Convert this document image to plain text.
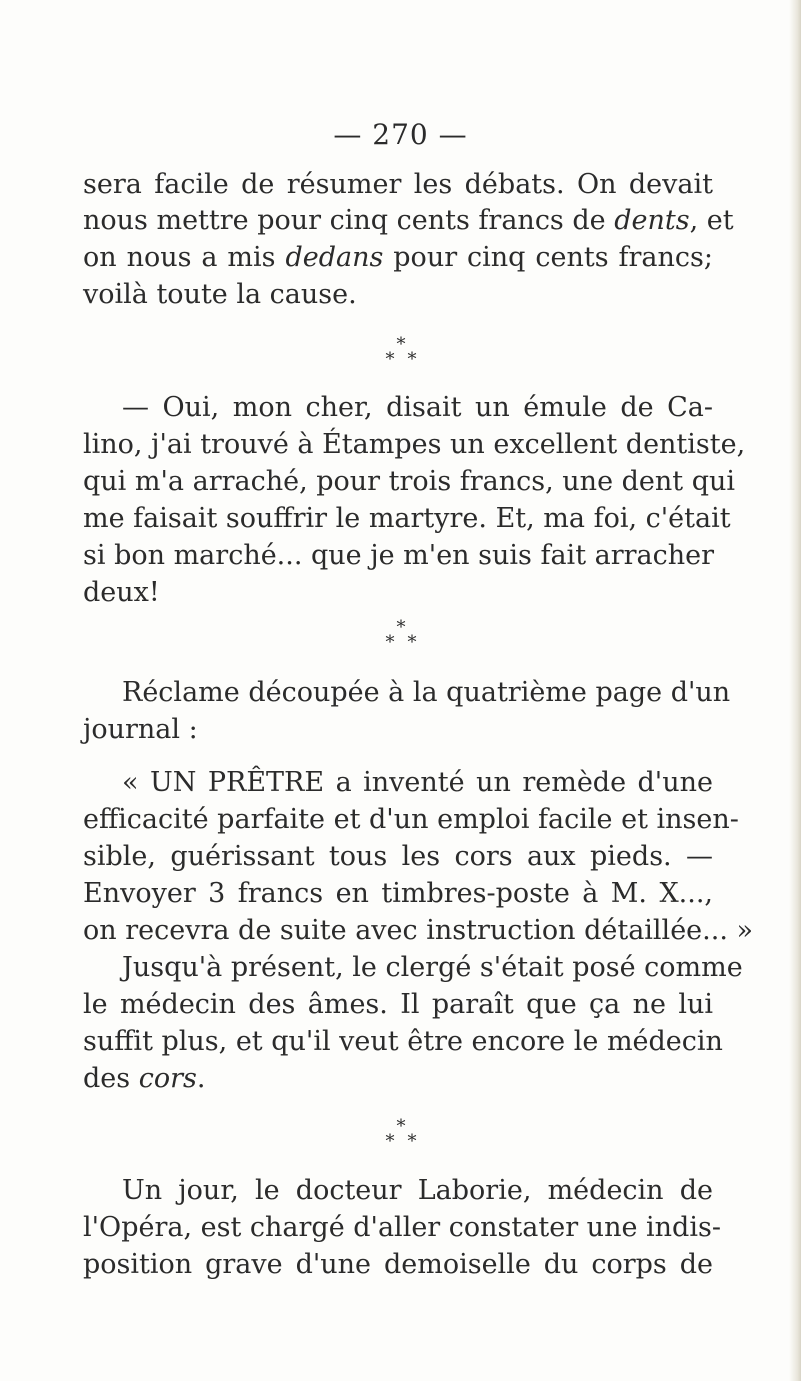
— 270 —
sera facile de résumer les débats. On devait
nous mettre pour cinq cents francs de dents, et
on nous a mis dedans pour cinq cents francs;
voilà toute la cause.
*
* *
— Oui, mon cher, disait un émule de Ca-
lino, j'ai trouvé à Étampes un excellent dentiste,
qui m'a arraché, pour trois francs, une dent qui
me faisait souffrir le martyre. Et, ma foi, c'était
si bon marché... que je m'en suis fait arracher
deux!
*
* *
Réclame découpée à la quatrième page d'un
journal :
« UN PRÊTRE a inventé un remède d'une
efficacité parfaite et d'un emploi facile et insen-
sible, guérissant tous les cors aux pieds. —
Envoyer 3 francs en timbres-poste à M. X...,
on recevra de suite avec instruction détaillée... »
Jusqu'à présent, le clergé s'était posé comme
le médecin des âmes. Il paraît que ça ne lui
suffit plus, et qu'il veut être encore le médecin
des cors.
*
* *
Un jour, le docteur Laborie, médecin de
l'Opéra, est chargé d'aller constater une indis-
position grave d'une demoiselle du corps de
